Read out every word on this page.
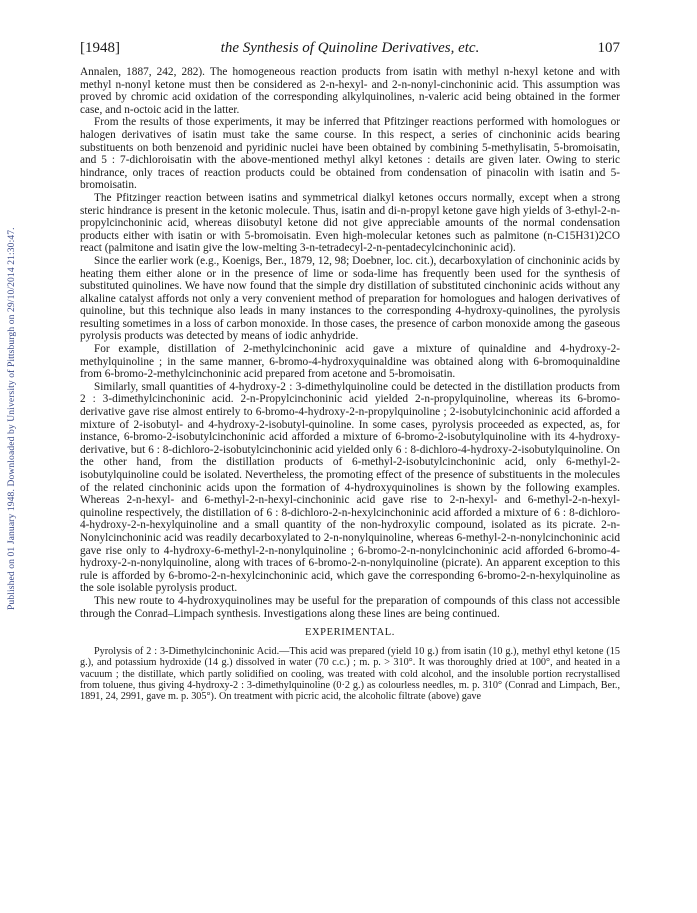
Published on 01 January 1948. Downloaded by University of Pittsburgh on 29/10/2014 21:30:47.
[1948]	the Synthesis of Quinoline Derivatives, etc.	107

Annalen, 1887, 242, 282). The homogeneous reaction products from isatin with methyl n-hexyl ketone and with methyl n-nonyl ketone must then be considered as 2-n-hexyl- and 2-n-nonyl-cinchoninic acid. This assumption was proved by chromic acid oxidation of the corresponding alkylquinolines, n-valeric acid being obtained in the former case, and n-octoic acid in the latter.

From the results of those experiments, it may be inferred that Pfitzinger reactions performed with homologues or halogen derivatives of isatin must take the same course. In this respect, a series of cinchoninic acids bearing substituents on both benzenoid and pyridinic nuclei have been obtained by combining 5-methylisatin, 5-bromoisatin, and 5 : 7-dichloroisatin with the above-mentioned methyl alkyl ketones : details are given later. Owing to steric hindrance, only traces of reaction products could be obtained from condensation of pinacolin with isatin and 5-bromoisatin.

The Pfitzinger reaction between isatins and symmetrical dialkyl ketones occurs normally, except when a strong steric hindrance is present in the ketonic molecule. Thus, isatin and di-n-propyl ketone gave high yields of 3-ethyl-2-n-propylcinchoninic acid, whereas diisobutyl ketone did not give appreciable amounts of the normal condensation products either with isatin or with 5-bromoisatin. Even high-molecular ketones such as palmitone (n-C15H31)2CO react (palmitone and isatin give the low-melting 3-n-tetradecyl-2-n-pentadecylcinchoninic acid).

Since the earlier work (e.g., Koenigs, Ber., 1879, 12, 98; Doebner, loc. cit.), decarboxylation of cinchoninic acids by heating them either alone or in the presence of lime or soda-lime has frequently been used for the synthesis of substituted quinolines. We have now found that the simple dry distillation of substituted cinchoninic acids without any alkaline catalyst affords not only a very convenient method of preparation for homologues and halogen derivatives of quinoline, but this technique also leads in many instances to the corresponding 4-hydroxy-quinolines, the pyrolysis resulting sometimes in a loss of carbon monoxide. In those cases, the presence of carbon monoxide among the gaseous pyrolysis products was detected by means of iodic anhydride.

For example, distillation of 2-methylcinchoninic acid gave a mixture of quinaldine and 4-hydroxy-2-methylquinoline ; in the same manner, 6-bromo-4-hydroxyquinaldine was obtained along with 6-bromoquinaldine from 6-bromo-2-methylcinchoninic acid prepared from acetone and 5-bromoisatin.

Similarly, small quantities of 4-hydroxy-2 : 3-dimethylquinoline could be detected in the distillation products from 2 : 3-dimethylcinchoninic acid. 2-n-Propylcinchoninic acid yielded 2-n-propylquinoline, whereas its 6-bromo-derivative gave rise almost entirely to 6-bromo-4-hydroxy-2-n-propylquinoline ; 2-isobutylcinchoninic acid afforded a mixture of 2-isobutyl- and 4-hydroxy-2-isobutyl-quinoline. In some cases, pyrolysis proceeded as expected, as, for instance, 6-bromo-2-isobutylcinchoninic acid afforded a mixture of 6-bromo-2-isobutylquinoline with its 4-hydroxy-derivative, but 6 : 8-dichloro-2-isobutylcinchoninic acid yielded only 6 : 8-dichloro-4-hydroxy-2-isobutylquinoline. On the other hand, from the distillation products of 6-methyl-2-isobutylcinchoninic acid, only 6-methyl-2-isobutylquinoline could be isolated. Nevertheless, the promoting effect of the presence of substituents in the molecules of the related cinchoninic acids upon the formation of 4-hydroxyquinolines is shown by the following examples. Whereas 2-n-hexyl- and 6-methyl-2-n-hexyl-cinchoninic acid gave rise to 2-n-hexyl- and 6-methyl-2-n-hexyl-quinoline respectively, the distillation of 6 : 8-dichloro-2-n-hexylcinchoninic acid afforded a mixture of 6 : 8-dichloro-4-hydroxy-2-n-hexylquinoline and a small quantity of the non-hydroxylic compound, isolated as its picrate. 2-n-Nonylcinchoninic acid was readily decarboxylated to 2-n-nonylquinoline, whereas 6-methyl-2-n-nonylcinchoninic acid gave rise only to 4-hydroxy-6-methyl-2-n-nonylquinoline ; 6-bromo-2-n-nonylcinchoninic acid afforded 6-bromo-4-hydroxy-2-n-nonylquinoline, along with traces of 6-bromo-2-n-nonylquinoline (picrate). An apparent exception to this rule is afforded by 6-bromo-2-n-hexylcinchoninic acid, which gave the corresponding 6-bromo-2-n-hexylquinoline as the sole isolable pyrolysis product.

This new route to 4-hydroxyquinolines may be useful for the preparation of compounds of this class not accessible through the Conrad–Limpach synthesis. Investigations along these lines are being continued.

EXPERIMENTAL.

Pyrolysis of 2 : 3-Dimethylcinchoninic Acid.—This acid was prepared (yield 10 g.) from isatin (10 g.), methyl ethyl ketone (15 g.), and potassium hydroxide (14 g.) dissolved in water (70 c.c.) ; m. p. > 310°. It was thoroughly dried at 100°, and heated in a vacuum ; the distillate, which partly solidified on cooling, was treated with cold alcohol, and the insoluble portion recrystallised from toluene, thus giving 4-hydroxy-2 : 3-dimethylquinoline (0·2 g.) as colourless needles, m. p. 310° (Conrad and Limpach, Ber., 1891, 24, 2991, gave m. p. 305°). On treatment with picric acid, the alcoholic filtrate (above) gave
